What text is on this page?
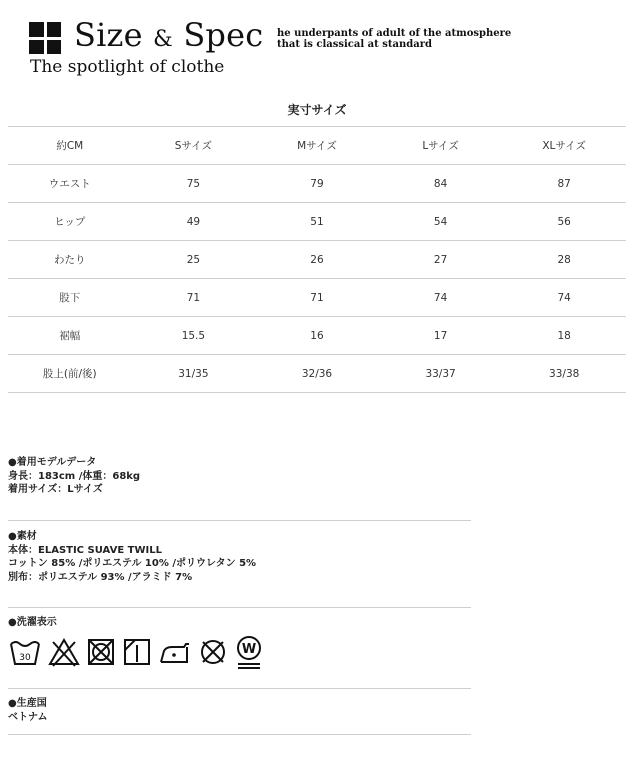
Size & Spec
The spotlight of clothe
he underpants of adult of the atmosphere
that is classical at standard
実寸サイズ
約CM	Sサイズ	Mサイズ	Lサイズ	XLサイズ
ウエスト	75	79	84	87
ヒップ	49	51	54	56
わたり	25	26	27	28
股下	71	71	74	74
裾幅	15.5	16	17	18
股上(前/後)	31/35	32/36	33/37	33/38
●着用モデルデータ
身長：183cm /体重：68kg
着用サイズ：Lサイズ
●素材
本体：ELASTIC SUAVE TWILL
コットン 85% /ポリエステル 10% /ポリウレタン 5%
別布：ポリエステル 93% /アラミド 7%
●洗濯表示
30
W
●生産国
ベトナム
